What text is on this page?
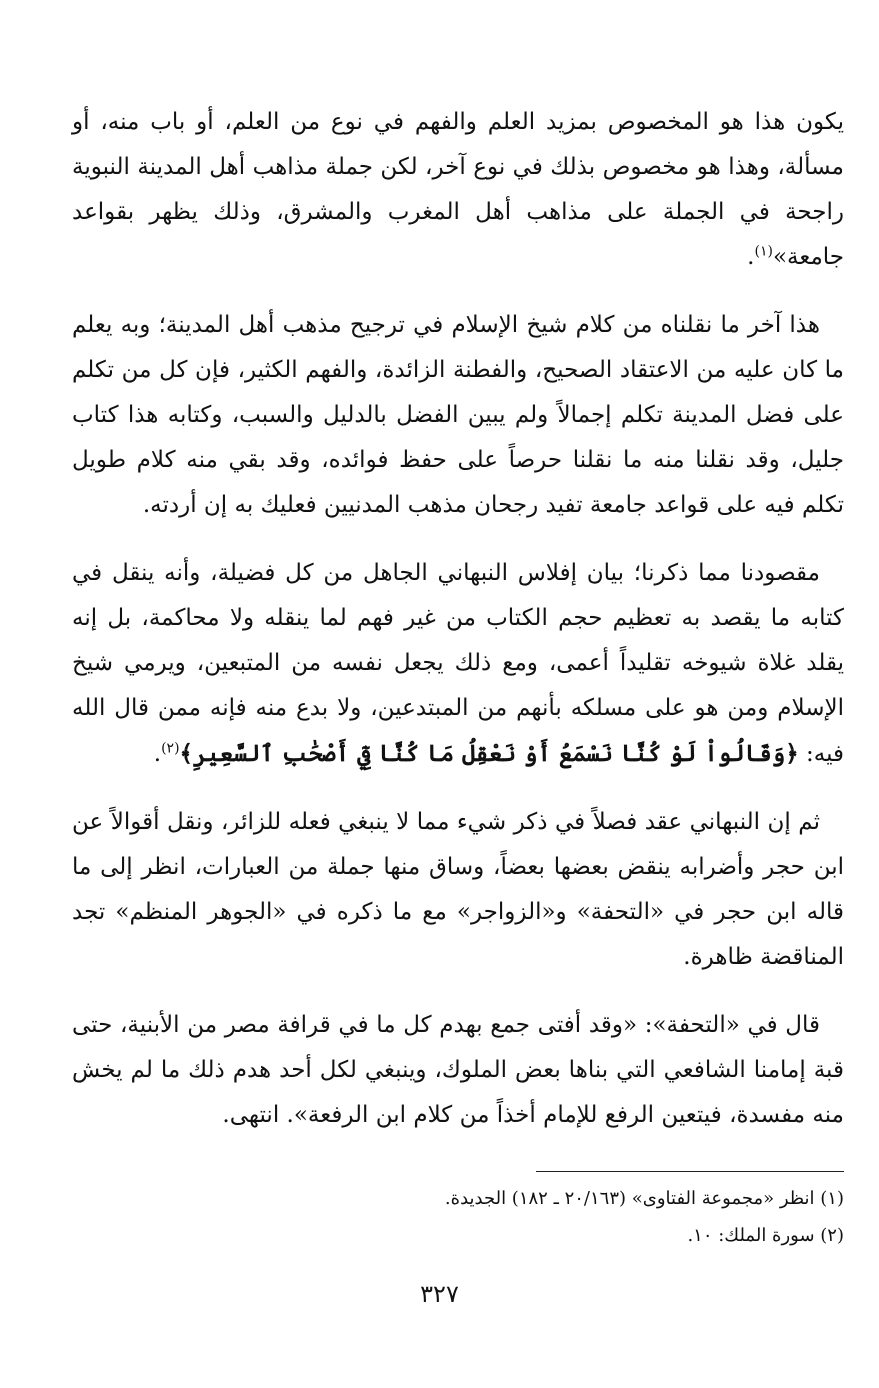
يكون هذا هو المخصوص بمزيد العلم والفهم في نوع من العلم، أو باب منه، أو مسألة، وهذا هو مخصوص بذلك في نوع آخر، لكن جملة مذاهب أهل المدينة النبوية راجحة في الجملة على مذاهب أهل المغرب والمشرق، وذلك يظهر بقواعد جامعة»$^{(١)}$.

هذا آخر ما نقلناه من كلام شيخ الإسلام في ترجيح مذهب أهل المدينة؛ وبه يعلم ما كان عليه من الاعتقاد الصحيح، والفطنة الزائدة، والفهم الكثير، فإن كل من تكلم على فضل المدينة تكلم إجمالاً ولم يبين الفضل بالدليل والسبب، وكتابه هذا كتاب جليل، وقد نقلنا منه ما نقلنا حرصاً على حفظ فوائده، وقد بقي منه كلام طويل تكلم فيه على قواعد جامعة تفيد رجحان مذهب المدنيين فعليك به إن أردته.

مقصودنا مما ذكرنا؛ بيان إفلاس النبهاني الجاهل من كل فضيلة، وأنه ينقل في كتابه ما يقصد به تعظيم حجم الكتاب من غير فهم لما ينقله ولا محاكمة، بل إنه يقلد غلاة شيوخه تقليداً أعمى، ومع ذلك يجعل نفسه من المتبعين، ويرمي شيخ الإسلام ومن هو على مسلكه بأنهم من المبتدعين، ولا بدع منه فإنه ممن قال الله فيه: ﴿وَقَالُواْ لَوْ كُنَّا نَسْمَعُ أَوْ نَعْقِلُ مَا كُنَّا فِيٓ أَصْحَٰبِ ٱلسَّعِيرِ﴾$^{(٢)}$.

ثم إن النبهاني عقد فصلاً في ذكر شيء مما لا ينبغي فعله للزائر، ونقل أقوالاً عن ابن حجر وأضرابه ينقض بعضها بعضاً، وساق منها جملة من العبارات، انظر إلى ما قاله ابن حجر في «التحفة» و«الزواجر» مع ما ذكره في «الجوهر المنظم» تجد المناقضة ظاهرة.

قال في «التحفة»: «وقد أفتى جمع بهدم كل ما في قرافة مصر من الأبنية، حتى قبة إمامنا الشافعي التي بناها بعض الملوك، وينبغي لكل أحد هدم ذلك ما لم يخش منه مفسدة، فيتعين الرفع للإمام أخذاً من كلام ابن الرفعة». انتهى.

(١) انظر «مجموعة الفتاوى» (٢٠/١٦٣ ـ ١٨٢) الجديدة.
(٢) سورة الملك: ١٠.
٣٢٧
